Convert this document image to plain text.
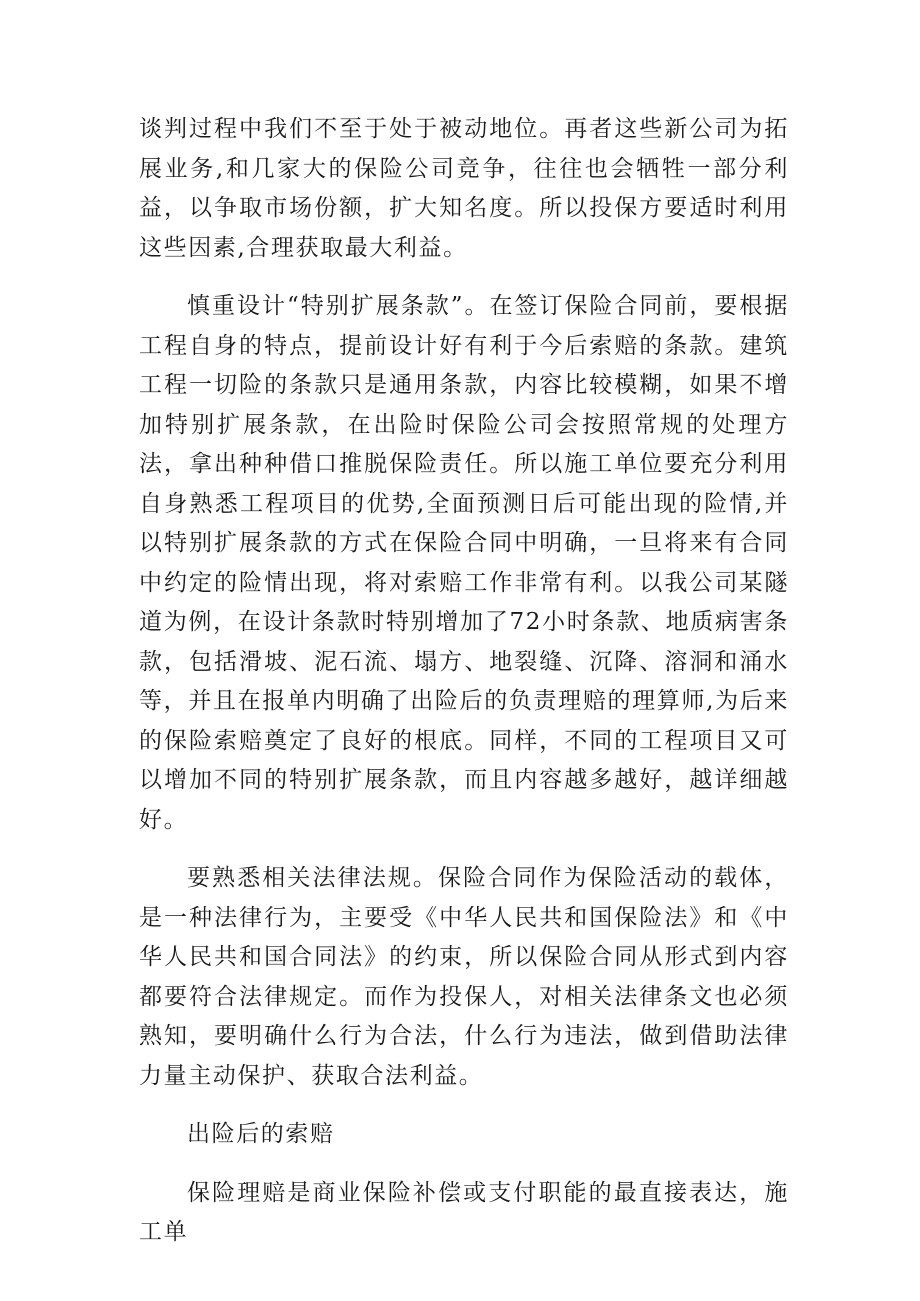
谈判过程中我们不至于处于被动地位。再者这些新公司为拓展业务,和几家大的保险公司竞争，往往也会牺牲一部分利益，以争取市场份额，扩大知名度。所以投保方要适时利用这些因素,合理获取最大利益。

慎重设计“特别扩展条款”。在签订保险合同前，要根据工程自身的特点，提前设计好有利于今后索赔的条款。建筑工程一切险的条款只是通用条款，内容比较模糊，如果不增加特别扩展条款，在出险时保险公司会按照常规的处理方法，拿出种种借口推脱保险责任。所以施工单位要充分利用自身熟悉工程项目的优势,全面预测日后可能出现的险情,并以特别扩展条款的方式在保险合同中明确，一旦将来有合同中约定的险情出现，将对索赔工作非常有利。以我公司某隧道为例，在设计条款时特别增加了72小时条款、地质病害条款，包括滑坡、泥石流、塌方、地裂缝、沉降、溶洞和涌水等，并且在报单内明确了出险后的负责理赔的理算师,为后来的保险索赔奠定了良好的根底。同样，不同的工程项目又可以增加不同的特别扩展条款，而且内容越多越好，越详细越好。

要熟悉相关法律法规。保险合同作为保险活动的载体，是一种法律行为，主要受《中华人民共和国保险法》和《中华人民共和国合同法》的约束，所以保险合同从形式到内容都要符合法律规定。而作为投保人，对相关法律条文也必须熟知，要明确什么行为合法，什么行为违法，做到借助法律力量主动保护、获取合法利益。

出险后的索赔

保险理赔是商业保险补偿或支付职能的最直接表达，施工单
